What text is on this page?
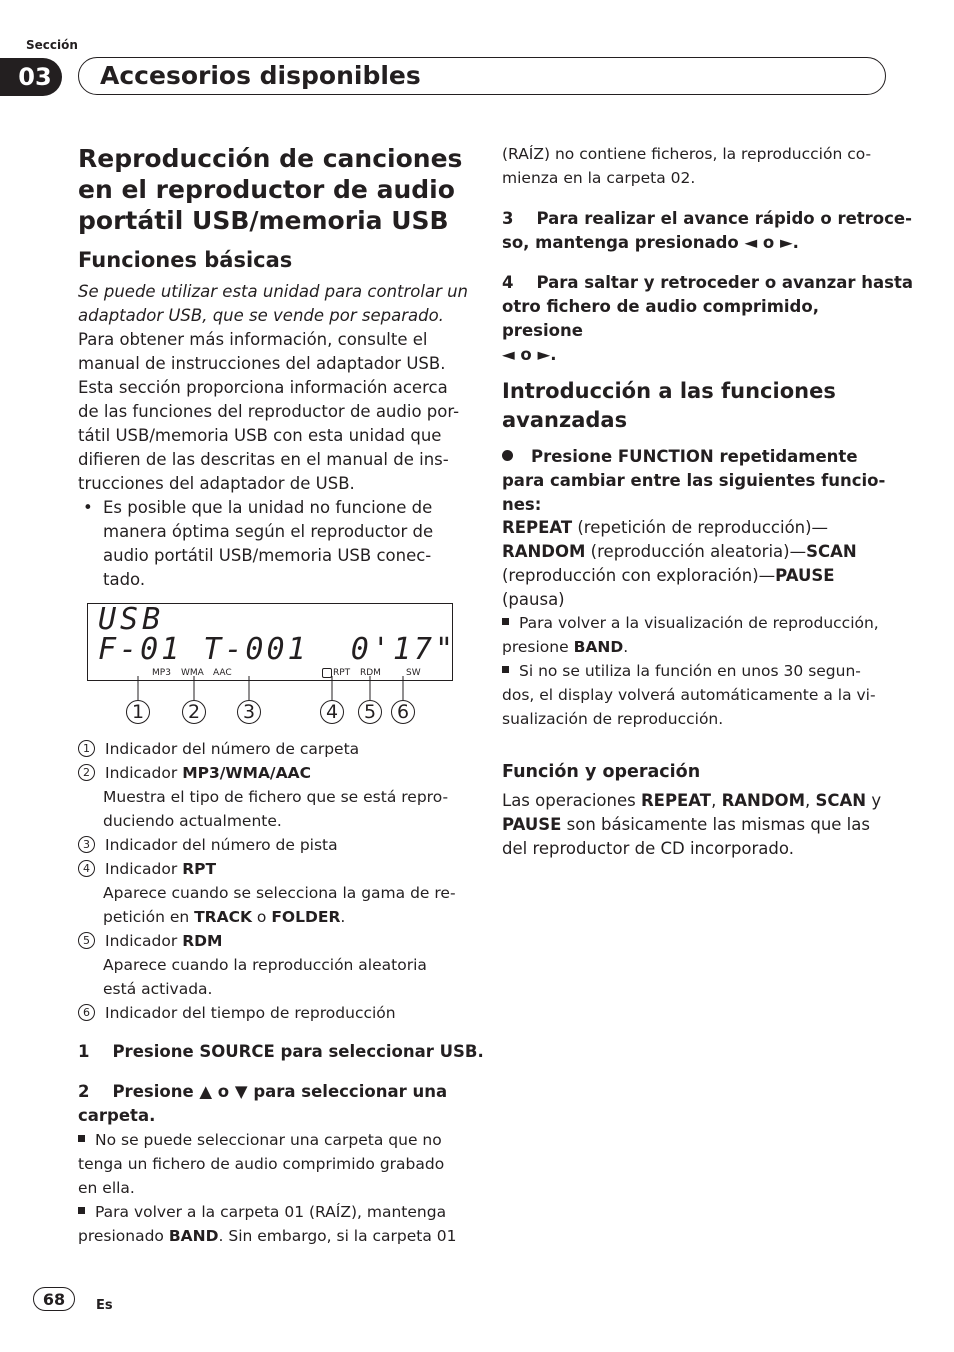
Sección
03	Accesorios disponibles
Reproducción de canciones
en el reproductor de audio
portátil USB/memoria USB
Funciones básicas
Se puede utilizar esta unidad para controlar un
adaptador USB, que se vende por separado.
Para obtener más información, consulte el
manual de instrucciones del adaptador USB.
Esta sección proporciona información acerca
de las funciones del reproductor de audio por-
tátil USB/memoria USB con esta unidad que
difieren de las descritas en el manual de ins-
trucciones del adaptador de USB.
• Es posible que la unidad no funcione de
manera óptima según el reproductor de
audio portátil USB/memoria USB conec-
tado.
USB
F-01 T-001  0'17"
MP3 WMA AAC	RPT RDM	SW
1	2	3	4	5	6
1 Indicador del número de carpeta
2 Indicador MP3/WMA/AAC
Muestra el tipo de fichero que se está repro-
duciendo actualmente.
3 Indicador del número de pista
4 Indicador RPT
Aparece cuando se selecciona la gama de re-
petición en TRACK o FOLDER.
5 Indicador RDM
Aparece cuando la reproducción aleatoria
está activada.
6 Indicador del tiempo de reproducción
1    Presione SOURCE para seleccionar USB.
2    Presione ▲ o ▼ para seleccionar una
carpeta.
No se puede seleccionar una carpeta que no
tenga un fichero de audio comprimido grabado
en ella.
Para volver a la carpeta 01 (RAÍZ), mantenga
presionado BAND. Sin embargo, si la carpeta 01
(RAÍZ) no contiene ficheros, la reproducción co-
mienza en la carpeta 02.
3    Para realizar el avance rápido o retroce-
so, mantenga presionado ◄ o ►.
4    Para saltar y retroceder o avanzar hasta
otro fichero de audio comprimido, presione
◄ o ►.
Introducción a las funciones
avanzadas
Presione FUNCTION repetidamente
para cambiar entre las siguientes funcio-
nes:
REPEAT (repetición de reproducción)—
RANDOM (reproducción aleatoria)—SCAN
(reproducción con exploración)—PAUSE
(pausa)
Para volver a la visualización de reproducción,
presione BAND.
Si no se utiliza la función en unos 30 segun-
dos, el display volverá automáticamente a la vi-
sualización de reproducción.
Función y operación
Las operaciones REPEAT, RANDOM, SCAN y
PAUSE son básicamente las mismas que las
del reproductor de CD incorporado.
68	Es
